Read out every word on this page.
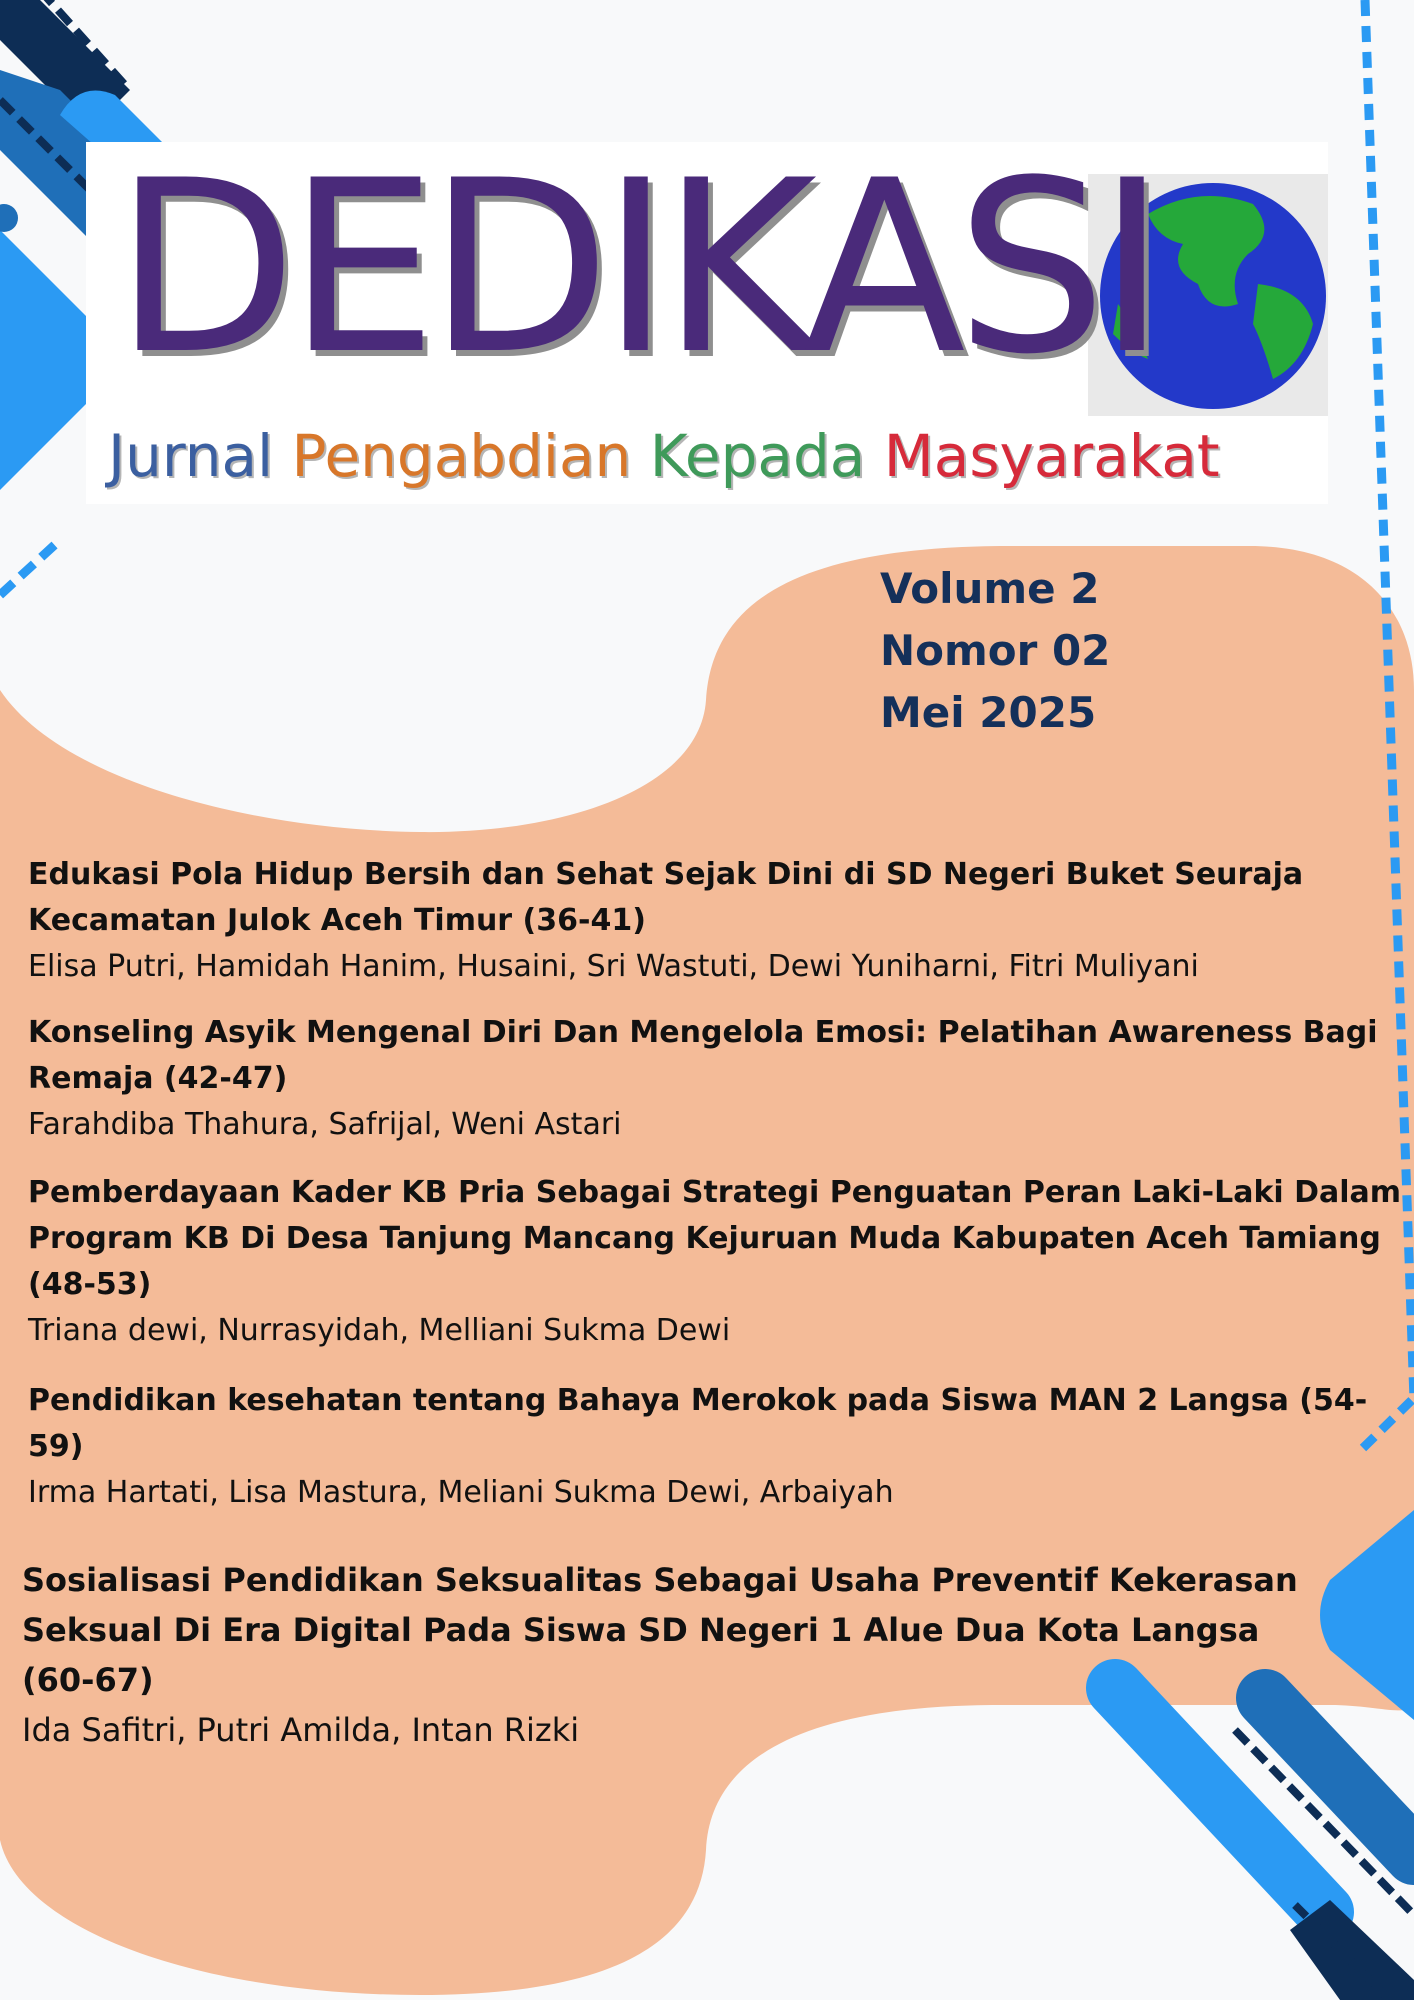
DEDIKASI
Jurnal Pengabdian Kepada Masyarakat
Volume 2
Nomor 02
Mei 2025
Edukasi Pola Hidup Bersih dan Sehat Sejak Dini di SD Negeri Buket Seuraja Kecamatan Julok Aceh Timur (36-41)
Elisa Putri, Hamidah Hanim, Husaini, Sri Wastuti, Dewi Yuniharni, Fitri Muliyani
Konseling Asyik Mengenal Diri Dan Mengelola Emosi: Pelatihan Awareness Bagi Remaja (42-47)
Farahdiba Thahura, Safrijal, Weni Astari
Pemberdayaan Kader KB Pria Sebagai Strategi Penguatan Peran Laki-Laki Dalam Program KB Di Desa Tanjung Mancang Kejuruan Muda Kabupaten Aceh Tamiang (48-53)
Triana dewi, Nurrasyidah, Melliani Sukma Dewi
Pendidikan kesehatan tentang Bahaya Merokok pada Siswa MAN 2 Langsa (54-59)
Irma Hartati, Lisa Mastura, Meliani Sukma Dewi, Arbaiyah
Sosialisasi Pendidikan Seksualitas Sebagai Usaha Preventif Kekerasan Seksual Di Era Digital Pada Siswa SD Negeri 1 Alue Dua Kota Langsa (60-67)
Ida Safitri, Putri Amilda, Intan Rizki
